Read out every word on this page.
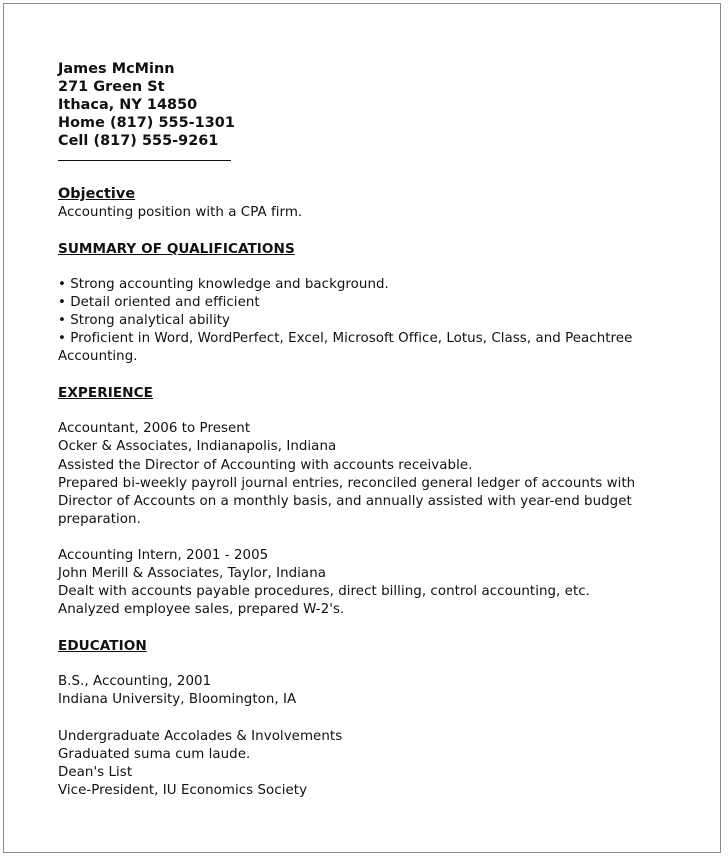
James McMinn
271 Green St
Ithaca, NY 14850
Home (817) 555-1301
Cell (817) 555-9261
Objective
Accounting position with a CPA firm.
SUMMARY OF QUALIFICATIONS
• Strong accounting knowledge and background.
• Detail oriented and efficient
• Strong analytical ability
• Proficient in Word, WordPerfect, Excel, Microsoft Office, Lotus, Class, and Peachtree
Accounting.
EXPERIENCE
Accountant, 2006 to Present
Ocker & Associates, Indianapolis, Indiana
Assisted the Director of Accounting with accounts receivable.
Prepared bi-weekly payroll journal entries, reconciled general ledger of accounts with
Director of Accounts on a monthly basis, and annually assisted with year-end budget
preparation.
Accounting Intern, 2001 - 2005
John Merill & Associates, Taylor, Indiana
Dealt with accounts payable procedures, direct billing, control accounting, etc.
Analyzed employee sales, prepared W-2's.
EDUCATION
B.S., Accounting, 2001
Indiana University, Bloomington, IA
Undergraduate Accolades & Involvements
Graduated suma cum laude.
Dean's List
Vice-President, IU Economics Society
